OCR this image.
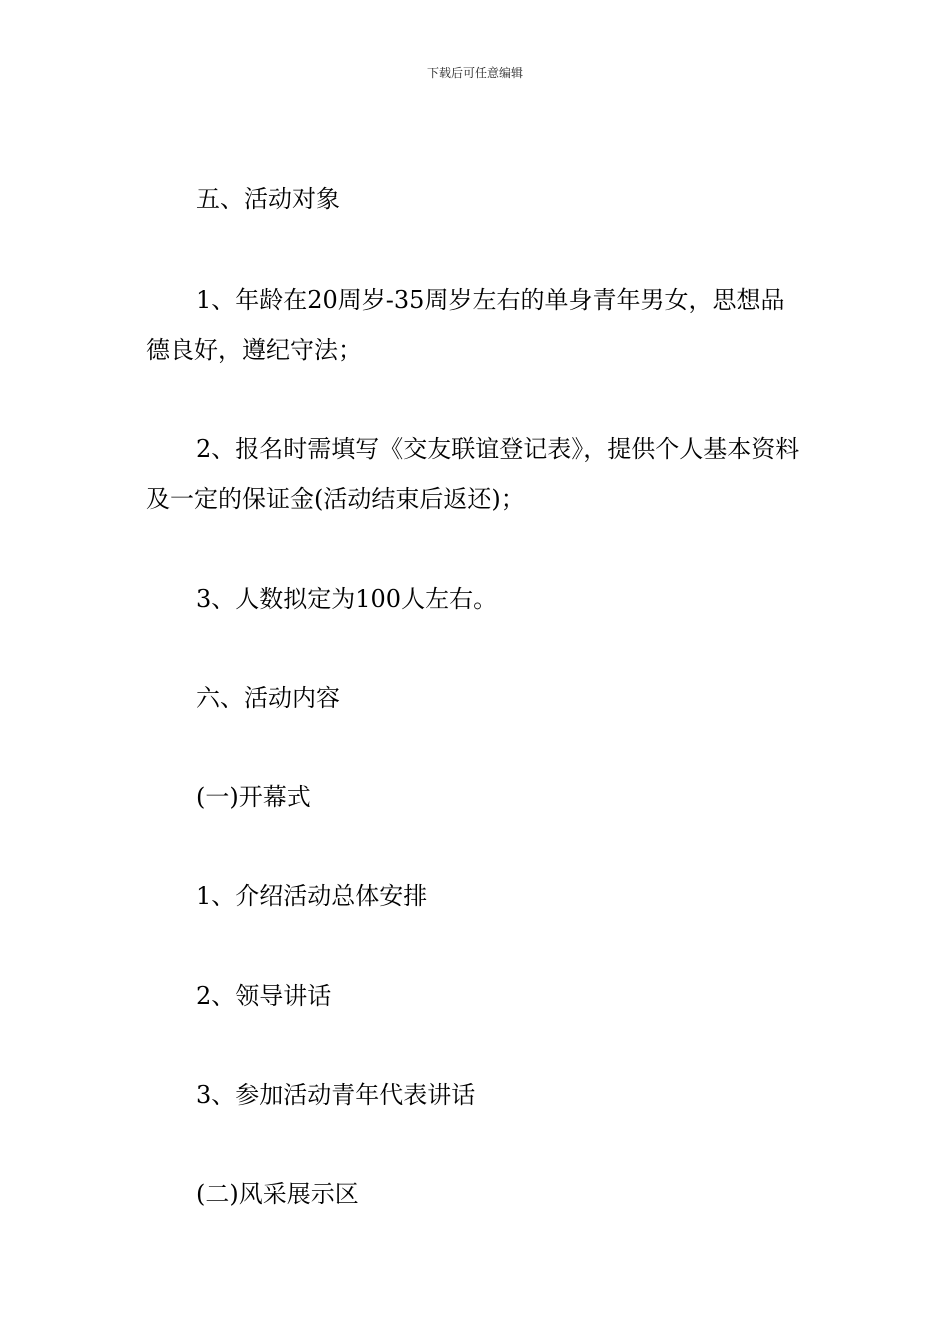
下载后可任意编辑
五、活动对象
1、年龄在20周岁-35周岁左右的单身青年男女，思想品德良好，遵纪守法；
2、报名时需填写《交友联谊登记表》，提供个人基本资料及一定的保证金(活动结束后返还)；
3、人数拟定为100人左右。
六、活动内容
(一)开幕式
1、介绍活动总体安排
2、领导讲话
3、参加活动青年代表讲话
(二)风采展示区
